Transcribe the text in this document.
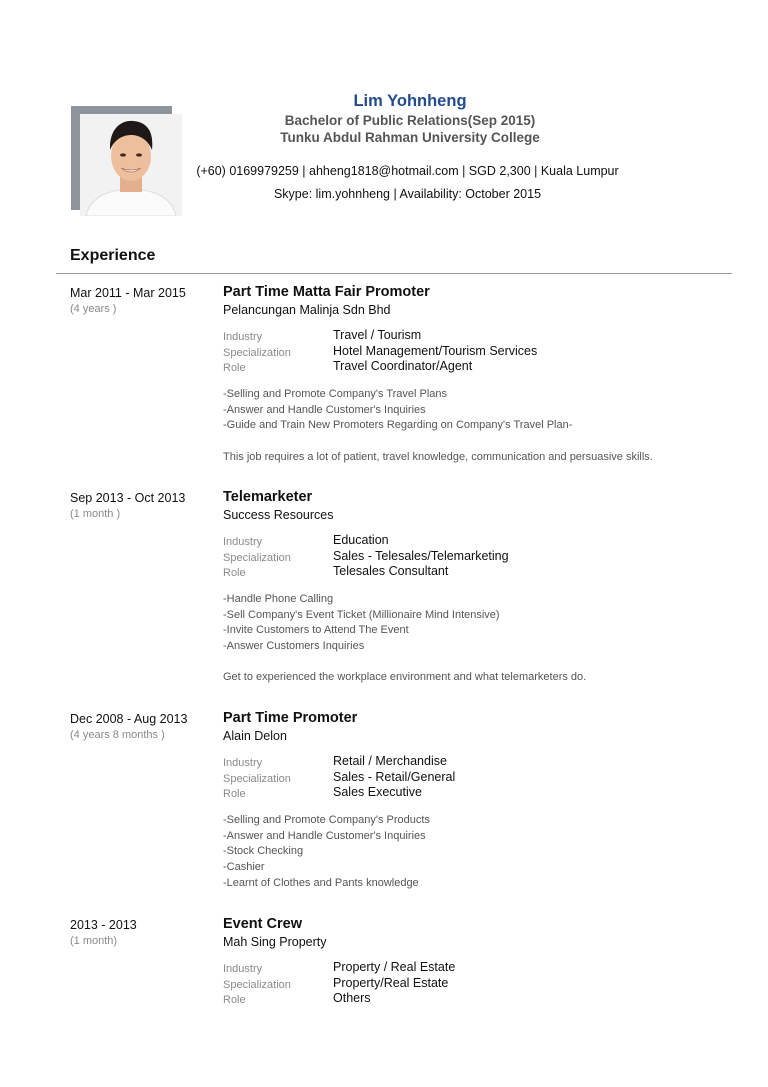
Lim Yohnheng
Bachelor of Public Relations(Sep 2015)
Tunku Abdul Rahman University College
(+60) 0169979259 | ahheng1818@hotmail.com | SGD 2,300 | Kuala Lumpur
Skype: lim.yohnheng | Availability: October 2015
Experience
Mar 2011 - Mar 2015
(4 years )
Part Time Matta Fair Promoter
Pelancungan Malinja Sdn Bhd
Industry	Travel / Tourism
Specialization	Hotel Management/Tourism Services
Role	Travel Coordinator/Agent
-Selling and Promote Company's Travel Plans
-Answer and Handle Customer's Inquiries
-Guide and Train New Promoters Regarding on Company's Travel Plan-
This job requires a lot of patient, travel knowledge, communication and persuasive skills.
Sep 2013 - Oct 2013
(1 month )
Telemarketer
Success Resources
Industry	Education
Specialization	Sales - Telesales/Telemarketing
Role	Telesales Consultant
-Handle Phone Calling
-Sell Company's Event Ticket (Millionaire Mind Intensive)
-Invite Customers to Attend The Event
-Answer Customers Inquiries
Get to experienced the workplace environment and what telemarketers do.
Dec 2008 - Aug 2013
(4 years 8 months )
Part Time Promoter
Alain Delon
Industry	Retail / Merchandise
Specialization	Sales - Retail/General
Role	Sales Executive
-Selling and Promote Company's Products
-Answer and Handle Customer's Inquiries
-Stock Checking
-Cashier
-Learnt of Clothes and Pants knowledge
2013 - 2013
(1 month)
Event Crew
Mah Sing Property
Industry	Property / Real Estate
Specialization	Property/Real Estate
Role	Others
